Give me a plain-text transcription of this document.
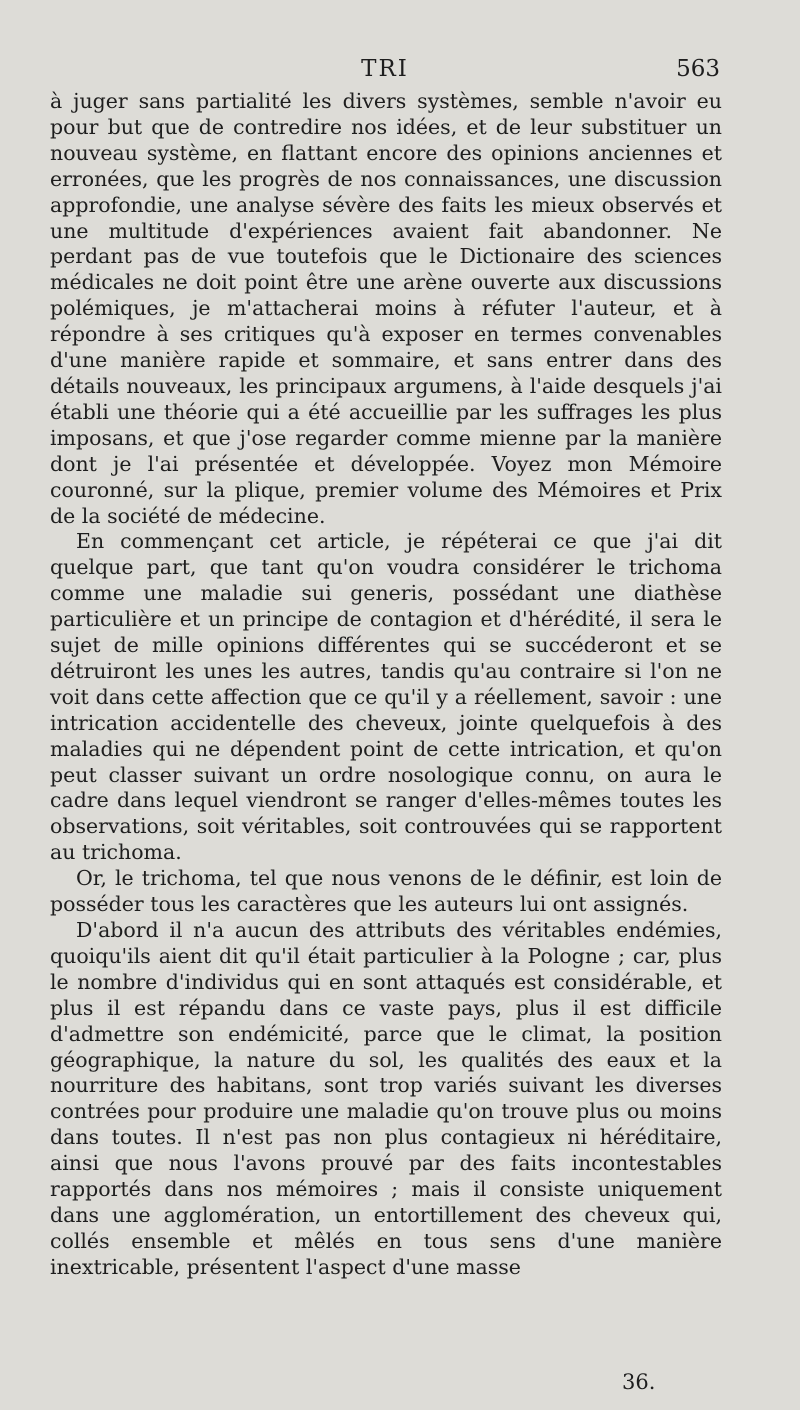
TRI	563

à juger sans partialité les divers systèmes, semble n'avoir eu pour but que de contredire nos idées, et de leur substituer un nouveau système, en flattant encore des opinions anciennes et erronées, que les progrès de nos connaissances, une discussion approfondie, une analyse sévère des faits les mieux observés et une multitude d'expériences avaient fait abandonner. Ne perdant pas de vue toutefois que le Dictionaire des sciences médicales ne doit point être une arène ouverte aux discussions polémiques, je m'attacherai moins à réfuter l'auteur, et à répondre à ses critiques qu'à exposer en termes convenables d'une manière rapide et sommaire, et sans entrer dans des détails nouveaux, les principaux argumens, à l'aide desquels j'ai établi une théorie qui a été accueillie par les suffrages les plus imposans, et que j'ose regarder comme mienne par la manière dont je l'ai présentée et développée. Voyez mon Mémoire couronné, sur la plique, premier volume des Mémoires et Prix de la société de médecine.

En commençant cet article, je répéterai ce que j'ai dit quelque part, que tant qu'on voudra considérer le trichoma comme une maladie sui generis, possédant une diathèse particulière et un principe de contagion et d'hérédité, il sera le sujet de mille opinions différentes qui se succéderont et se détruiront les unes les autres, tandis qu'au contraire si l'on ne voit dans cette affection que ce qu'il y a réellement, savoir : une intrication accidentelle des cheveux, jointe quelquefois à des maladies qui ne dépendent point de cette intrication, et qu'on peut classer suivant un ordre nosologique connu, on aura le cadre dans lequel viendront se ranger d'elles-mêmes toutes les observations, soit véritables, soit controuvées qui se rapportent au trichoma.

Or, le trichoma, tel que nous venons de le définir, est loin de posséder tous les caractères que les auteurs lui ont assignés.

D'abord il n'a aucun des attributs des véritables endémies, quoiqu'ils aient dit qu'il était particulier à la Pologne ; car, plus le nombre d'individus qui en sont attaqués est considérable, et plus il est répandu dans ce vaste pays, plus il est difficile d'admettre son endémicité, parce que le climat, la position géographique, la nature du sol, les qualités des eaux et la nourriture des habitans, sont trop variés suivant les diverses contrées pour produire une maladie qu'on trouve plus ou moins dans toutes. Il n'est pas non plus contagieux ni héréditaire, ainsi que nous l'avons prouvé par des faits incontestables rapportés dans nos mémoires ; mais il consiste uniquement dans une agglomération, un entortillement des cheveux qui, collés ensemble et mêlés en tous sens d'une manière inextricable, présentent l'aspect d'une masse

36.
